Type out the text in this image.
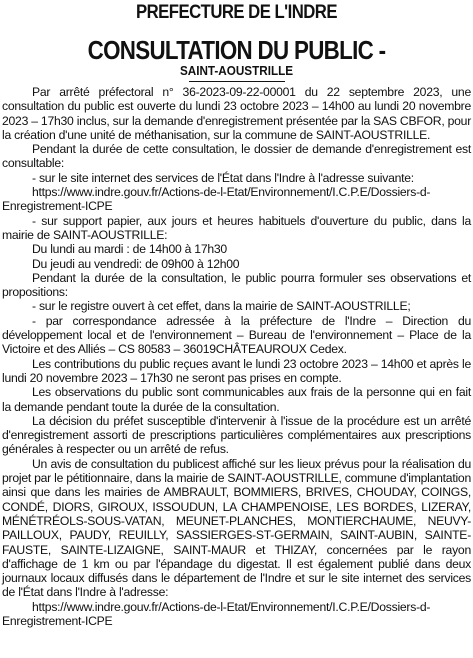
PREFECTURE DE L'INDRE
CONSULTATION DU PUBLIC -
SAINT-AOUSTRILLE

Par arrêté préfectoral n° 36-2023-09-22-00001 du 22 septembre 2023, une consultation du public est ouverte du lundi 23 octobre 2023 – 14h00 au lundi 20 novembre 2023 – 17h30 inclus, sur la demande d'enregistrement présentée par la SAS CBFOR, pour la création d'une unité de méthanisation, sur la commune de SAINT-AOUSTRILLE.

Pendant la durée de cette consultation, le dossier de demande d'enregistrement est consultable:

- sur le site internet des services de l'État dans l'Indre à l'adresse suivante:

https://www.indre.gouv.fr/Actions-de-l-Etat/Environnement/I.C.P.E/Dossiers-d-Enregistrement-ICPE

- sur support papier, aux jours et heures habituels d'ouverture du public, dans la mairie de SAINT-AOUSTRILLE:

Du lundi au mardi : de 14h00 à 17h30

Du jeudi au vendredi: de 09h00 à 12h00

Pendant la durée de la consultation, le public pourra formuler ses observations et propositions:

- sur le registre ouvert à cet effet, dans la mairie de SAINT-AOUSTRILLE;

- par correspondance adressée à la préfecture de l'Indre – Direction du développement local et de l'environnement – Bureau de l'environnement – Place de la Victoire et des Alliés – CS 80583 – 36019CHÂTEAUROUX Cedex.

Les contributions du public reçues avant le lundi 23 octobre 2023 – 14h00 et après le lundi 20 novembre 2023 – 17h30 ne seront pas prises en compte.

Les observations du public sont communicables aux frais de la personne qui en fait la demande pendant toute la durée de la consultation.

La décision du préfet susceptible d'intervenir à l'issue de la procédure est un arrêté d'enregistrement assorti de prescriptions particulières complémentaires aux prescriptions générales à respecter ou un arrêté de refus.

Un avis de consultation du publicest affiché sur les lieux prévus pour la réalisation du projet par le pétitionnaire, dans la mairie de SAINT-AOUSTRILLE, commune d'implantation ainsi que dans les mairies de AMBRAULT, BOMMIERS, BRIVES, CHOUDAY, COINGS, CONDÉ, DIORS, GIROUX, ISSOUDUN, LA CHAMPENOISE, LES BORDES, LIZERAY, MÉNÉTRÉOLS-SOUS-VATAN, MEUNET-PLANCHES, MONTIERCHAUME, NEUVY-PAILLOUX, PAUDY, REUILLY, SASSIERGES-ST-GERMAIN, SAINT-AUBIN, SAINTE-FAUSTE, SAINTE-LIZAIGNE, SAINT-MAUR et THIZAY, concernées par le rayon d'affichage de 1 km ou par l'épandage du digestat. Il est également publié dans deux journaux locaux diffusés dans le département de l'Indre et sur le site internet des services de l'État dans l'Indre à l'adresse:

https://www.indre.gouv.fr/Actions-de-l-Etat/Environnement/I.C.P.E/Dossiers-d-Enregistrement-ICPE
